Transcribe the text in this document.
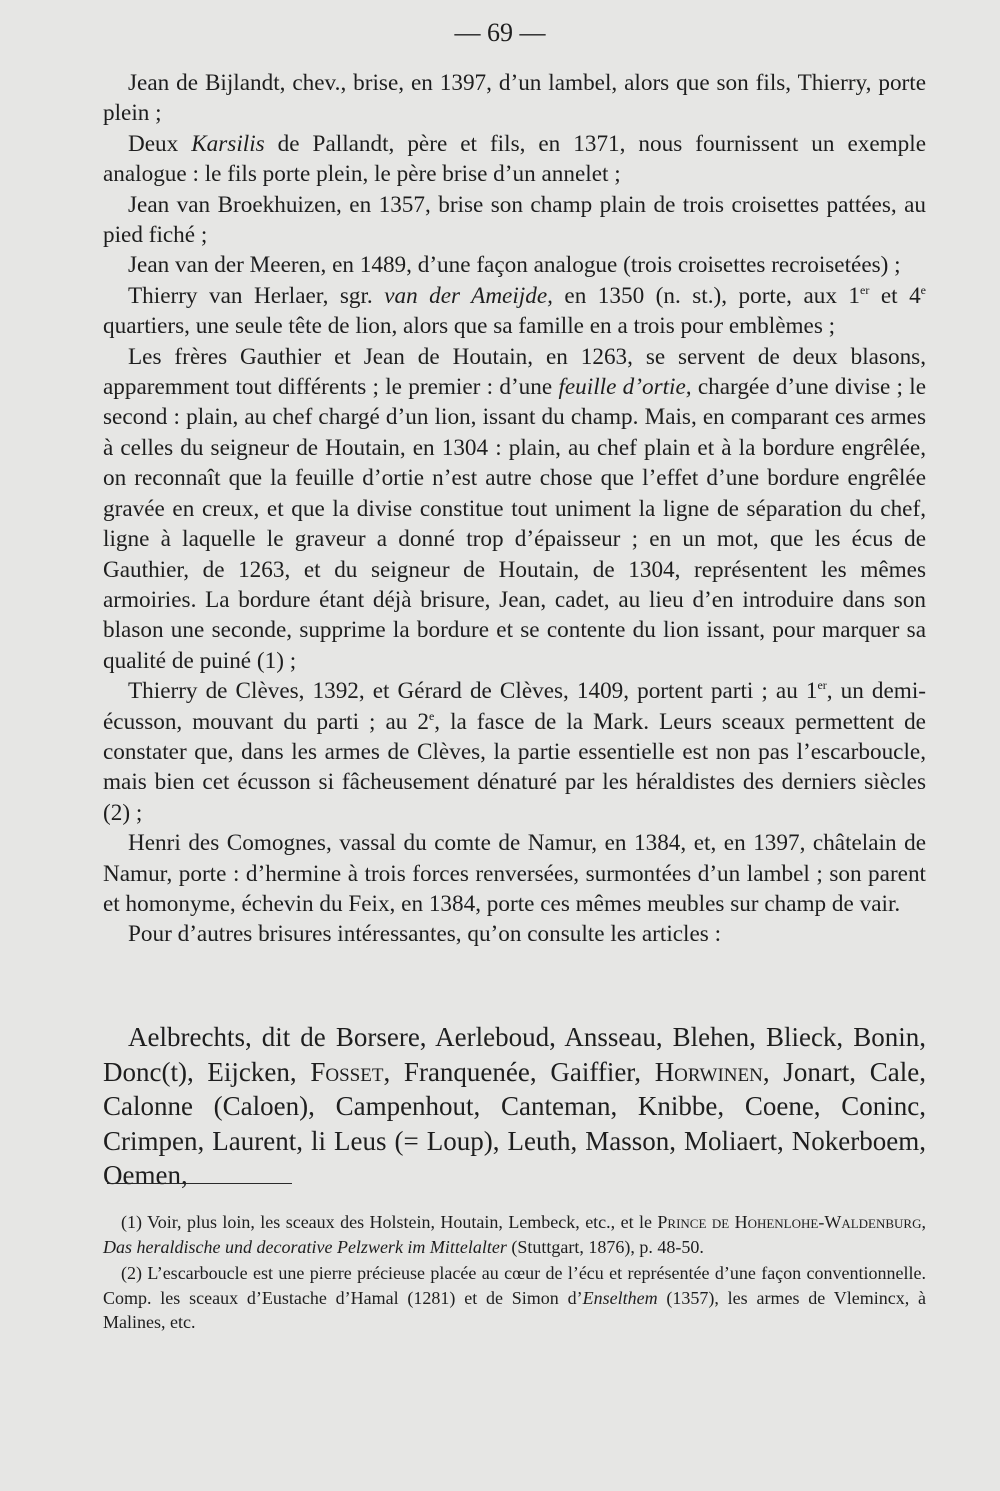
— 69 —

Jean de Bijlandt, chev., brise, en 1397, d’un lambel, alors que son fils, Thierry, porte plein ;

Deux Karsilis de Pallandt, père et fils, en 1371, nous fournissent un exemple analogue : le fils porte plein, le père brise d’un annelet ;

Jean van Broekhuizen, en 1357, brise son champ plain de trois croisettes pattées, au pied fiché ;

Jean van der Meeren, en 1489, d’une façon analogue (trois croisettes recroisetées) ;

Thierry van Herlaer, sgr. van der Ameijde, en 1350 (n. st.), porte, aux 1er et 4e quartiers, une seule tête de lion, alors que sa famille en a trois pour emblèmes ;

Les frères Gauthier et Jean de Houtain, en 1263, se servent de deux blasons, apparemment tout différents ; le premier : d’une feuille d’ortie, chargée d’une divise ; le second : plain, au chef chargé d’un lion, issant du champ. Mais, en comparant ces armes à celles du seigneur de Houtain, en 1304 : plain, au chef plain et à la bordure engrêlée, on reconnaît que la feuille d’ortie n’est autre chose que l’effet d’une bordure engrêlée gravée en creux, et que la divise constitue tout uniment la ligne de séparation du chef, ligne à laquelle le graveur a donné trop d’épaisseur ; en un mot, que les écus de Gauthier, de 1263, et du seigneur de Houtain, de 1304, représentent les mêmes armoiries. La bordure étant déjà brisure, Jean, cadet, au lieu d’en introduire dans son blason une seconde, supprime la bordure et se contente du lion issant, pour marquer sa qualité de puiné (1) ;

Thierry de Clèves, 1392, et Gérard de Clèves, 1409, portent parti ; au 1er, un demi-écusson, mouvant du parti ; au 2e, la fasce de la Mark. Leurs sceaux permettent de constater que, dans les armes de Clèves, la partie essentielle est non pas l’escarboucle, mais bien cet écusson si fâcheusement dénaturé par les héraldistes des derniers siècles (2) ;

Henri des Comognes, vassal du comte de Namur, en 1384, et, en 1397, châtelain de Namur, porte : d’hermine à trois forces renversées, surmontées d’un lambel ; son parent et homonyme, échevin du Feix, en 1384, porte ces mêmes meubles sur champ de vair.

Pour d’autres brisures intéressantes, qu’on consulte les articles :

Aelbrechts, dit de Borsere, Aerleboud, Ansseau, Blehen, Blieck, Bonin, Donc(t), Eijcken, Fosset, Franquenée, Gaiffier, Horwinen, Jonart, Cale, Calonne (Caloen), Campenhout, Canteman, Knibbe, Coene, Coninc, Crimpen, Laurent, li Leus (= Loup), Leuth, Masson, Moliaert, Nokerboem, Oemen,

(1) Voir, plus loin, les sceaux des Holstein, Houtain, Lembeck, etc., et le Prince de Hohenlohe-Waldenburg, Das heraldische und decorative Pelzwerk im Mittelalter (Stuttgart, 1876), p. 48-50.

(2) L’escarboucle est une pierre précieuse placée au cœur de l’écu et représentée d’une façon conventionnelle. Comp. les sceaux d’Eustache d’Hamal (1281) et de Simon d’Enselthem (1357), les armes de Vlemincx, à Malines, etc.
